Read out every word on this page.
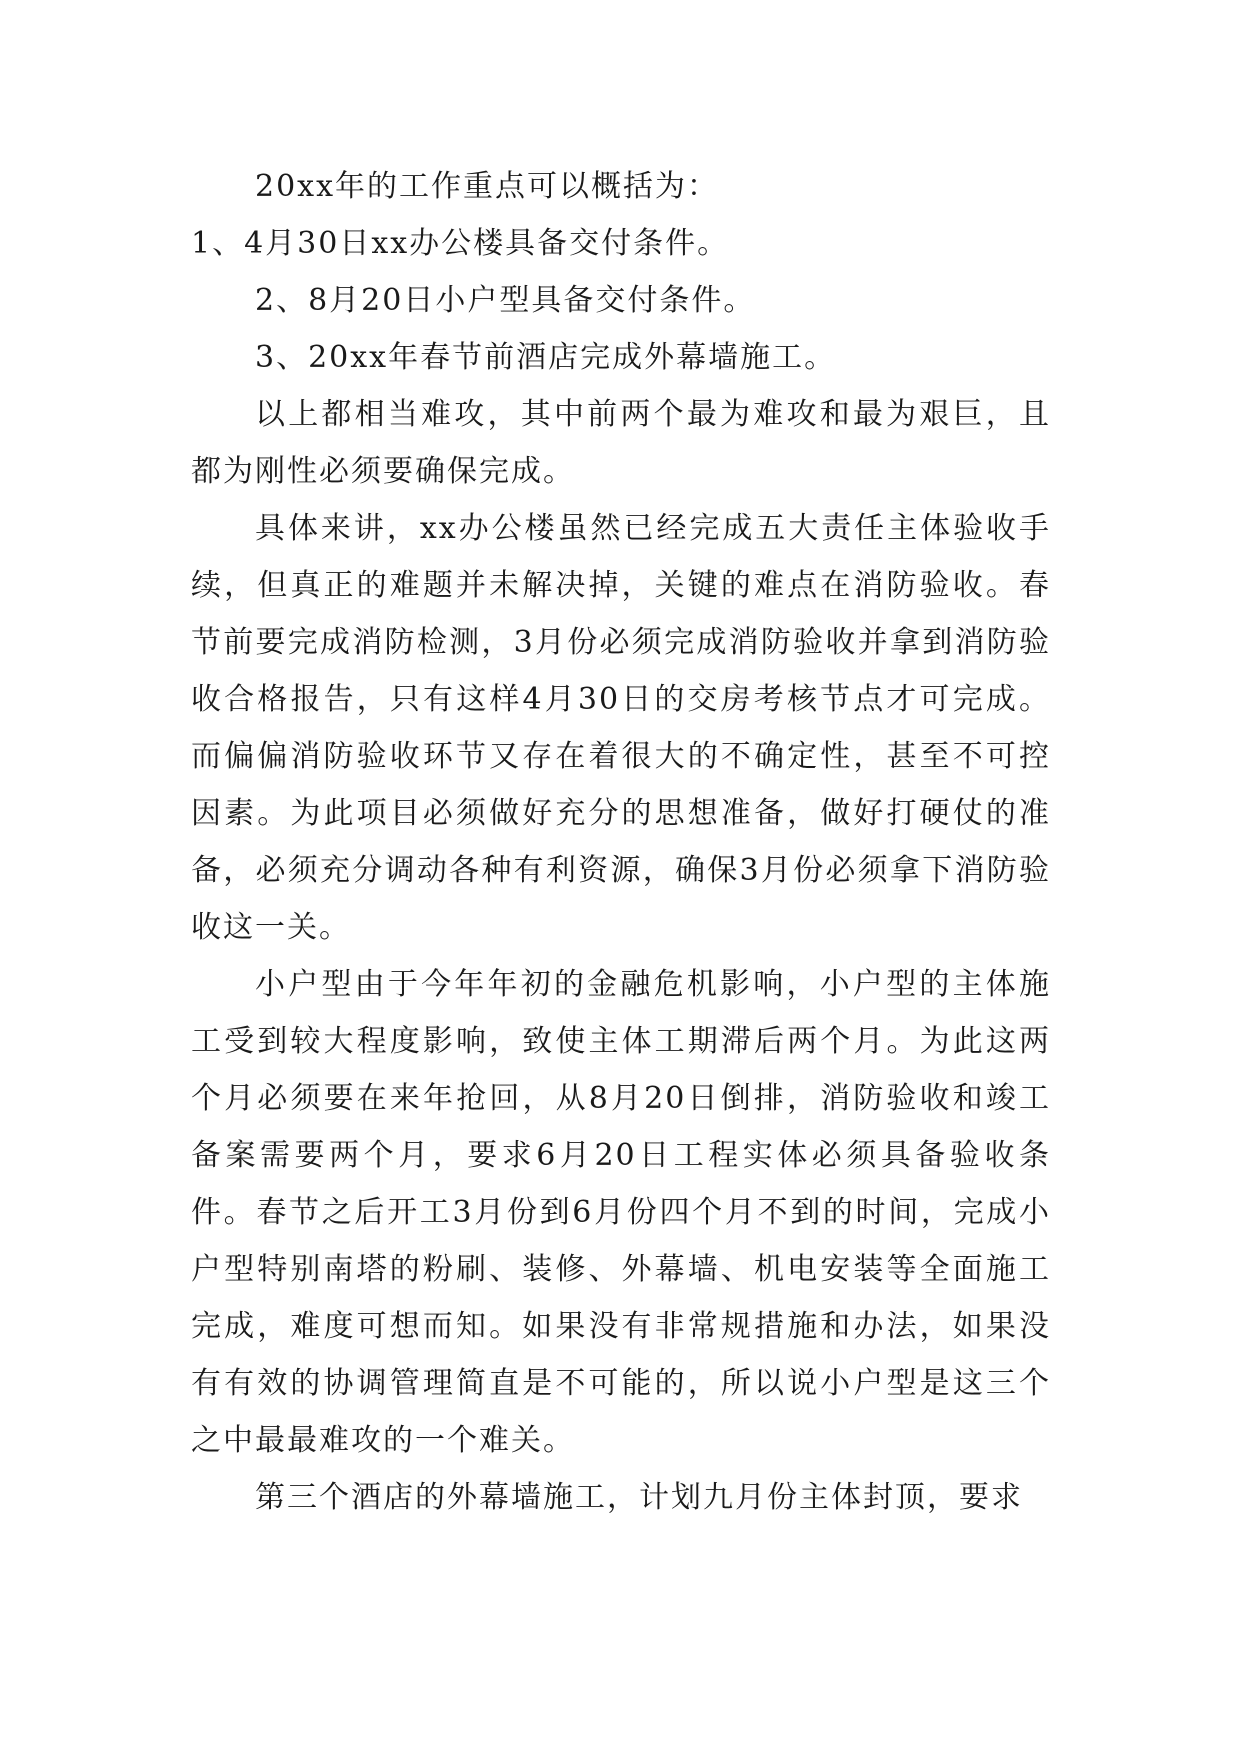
20xx年的工作重点可以概括为：

1、4月30日xx办公楼具备交付条件。

2、8月20日小户型具备交付条件。

3、20xx年春节前酒店完成外幕墙施工。

以上都相当难攻，其中前两个最为难攻和最为艰巨，且都为刚性必须要确保完成。

具体来讲，xx办公楼虽然已经完成五大责任主体验收手续，但真正的难题并未解决掉，关键的难点在消防验收。春节前要完成消防检测，3月份必须完成消防验收并拿到消防验收合格报告，只有这样4月30日的交房考核节点才可完成。而偏偏消防验收环节又存在着很大的不确定性，甚至不可控因素。为此项目必须做好充分的思想准备，做好打硬仗的准备，必须充分调动各种有利资源，确保3月份必须拿下消防验收这一关。

小户型由于今年年初的金融危机影响，小户型的主体施工受到较大程度影响，致使主体工期滞后两个月。为此这两个月必须要在来年抢回，从8月20日倒排，消防验收和竣工备案需要两个月，要求6月20日工程实体必须具备验收条件。春节之后开工3月份到6月份四个月不到的时间，完成小户型特别南塔的粉刷、装修、外幕墙、机电安装等全面施工完成，难度可想而知。如果没有非常规措施和办法，如果没有有效的协调管理简直是不可能的，所以说小户型是这三个之中最最难攻的一个难关。

第三个酒店的外幕墙施工，计划九月份主体封顶，要求
